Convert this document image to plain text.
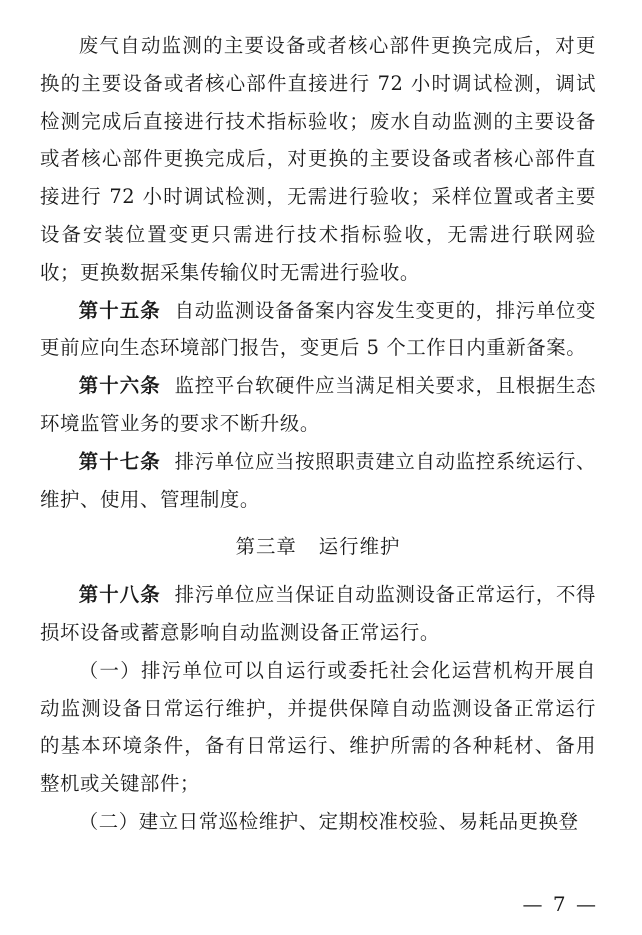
废气自动监测的主要设备或者核心部件更换完成后，对更换的主要设备或者核心部件直接进行 72 小时调试检测，调试检测完成后直接进行技术指标验收；废水自动监测的主要设备或者核心部件更换完成后，对更换的主要设备或者核心部件直接进行 72 小时调试检测，无需进行验收；采样位置或者主要设备安装位置变更只需进行技术指标验收，无需进行联网验收；更换数据采集传输仪时无需进行验收。

第十五条 自动监测设备备案内容发生变更的，排污单位变更前应向生态环境部门报告，变更后 5 个工作日内重新备案。

第十六条 监控平台软硬件应当满足相关要求，且根据生态环境监管业务的要求不断升级。

第十七条 排污单位应当按照职责建立自动监控系统运行、维护、使用、管理制度。

第三章 运行维护

第十八条 排污单位应当保证自动监测设备正常运行，不得损坏设备或蓄意影响自动监测设备正常运行。

（一）排污单位可以自运行或委托社会化运营机构开展自动监测设备日常运行维护，并提供保障自动监测设备正常运行的基本环境条件，备有日常运行、维护所需的各种耗材、备用整机或关键部件；

（二）建立日常巡检维护、定期校准校验、易耗品更换登

— 7 —
